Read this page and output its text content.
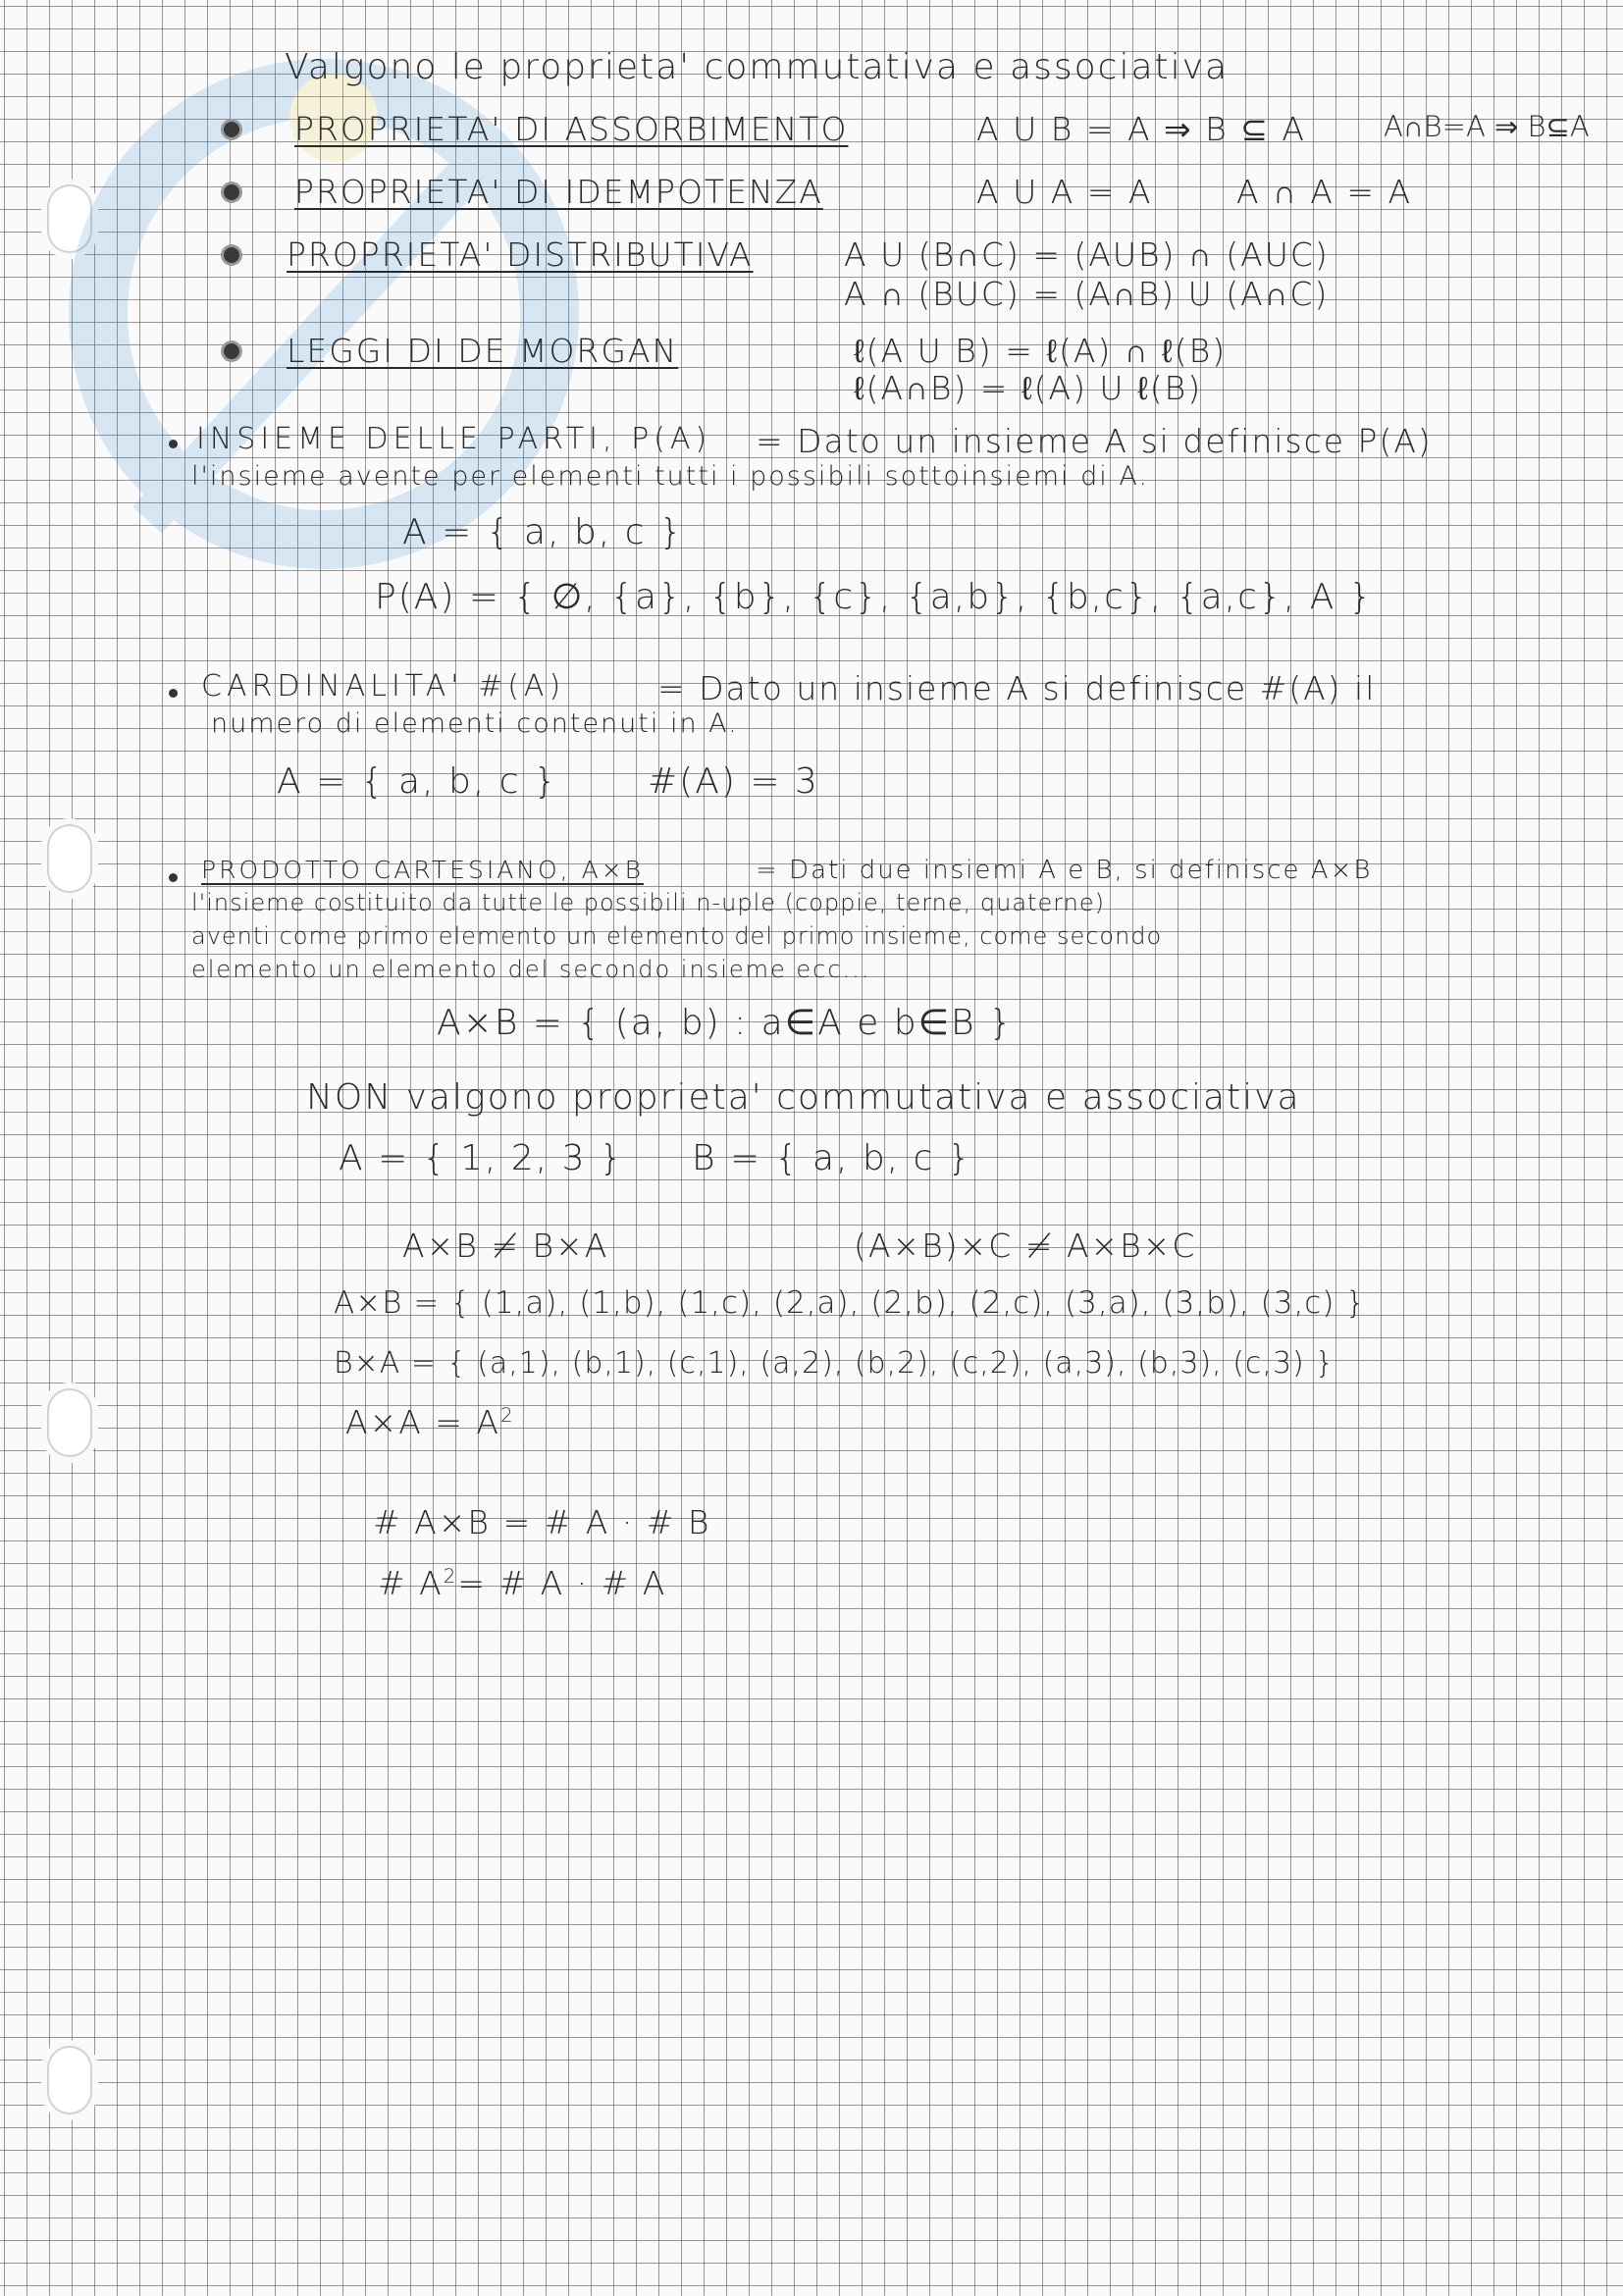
Valgono le proprieta' commutativa e associativa
PROPRIETA' DI ASSORBIMENTO	A U B = A ⇒ B ⊆ A	A∩B=A ⇒ B⊆A
PROPRIETA' DI IDEMPOTENZA	A U A = A	A ∩ A = A
PROPRIETA' DISTRIBUTIVA	A U (B∩C) = (AUB) ∩ (AUC)
A ∩ (BUC) = (A∩B) U (A∩C)
LEGGI DI DE MORGAN	ℓ(A U B) = ℓ(A) ∩ ℓ(B)
ℓ(A∩B) = ℓ(A) U ℓ(B)
INSIEME DELLE PARTI, P(A) = Dato un insieme A si definisce P(A)
l'insieme avente per elementi tutti i possibili sottoinsiemi di A.
A = { a, b, c }
P(A) = { ∅, {a}, {b}, {c}, {a,b}, {b,c}, {a,c}, A }
CARDINALITA' #(A)	= Dato un insieme A si definisce #(A) il
numero di elementi contenuti in A.
A = { a, b, c }	#(A) = 3
PRODOTTO CARTESIANO, A×B	= Dati due insiemi A e B, si definisce A×B
l'insieme costituito da tutte le possibili n-uple (coppie, terne, quaterne)
aventi come primo elemento un elemento del primo insieme, come secondo
elemento un elemento del secondo insieme ecc...
A×B = { (a, b) : a∈A e b∈B }
NON valgono proprieta' commutativa e associativa
A = { 1, 2, 3 } B = { a, b, c }
A×B ≠ B×A	(A×B)×C ≠ A×B×C
A×B = { (1,a), (1,b), (1,c), (2,a), (2,b), (2,c), (3,a), (3,b), (3,c) }
B×A = { (a,1), (b,1), (c,1), (a,2), (b,2), (c,2), (a,3), (b,3), (c,3) }
$A\times A = A^2$
# A×B = # A · # B
# $A^2=$ # A · # A
